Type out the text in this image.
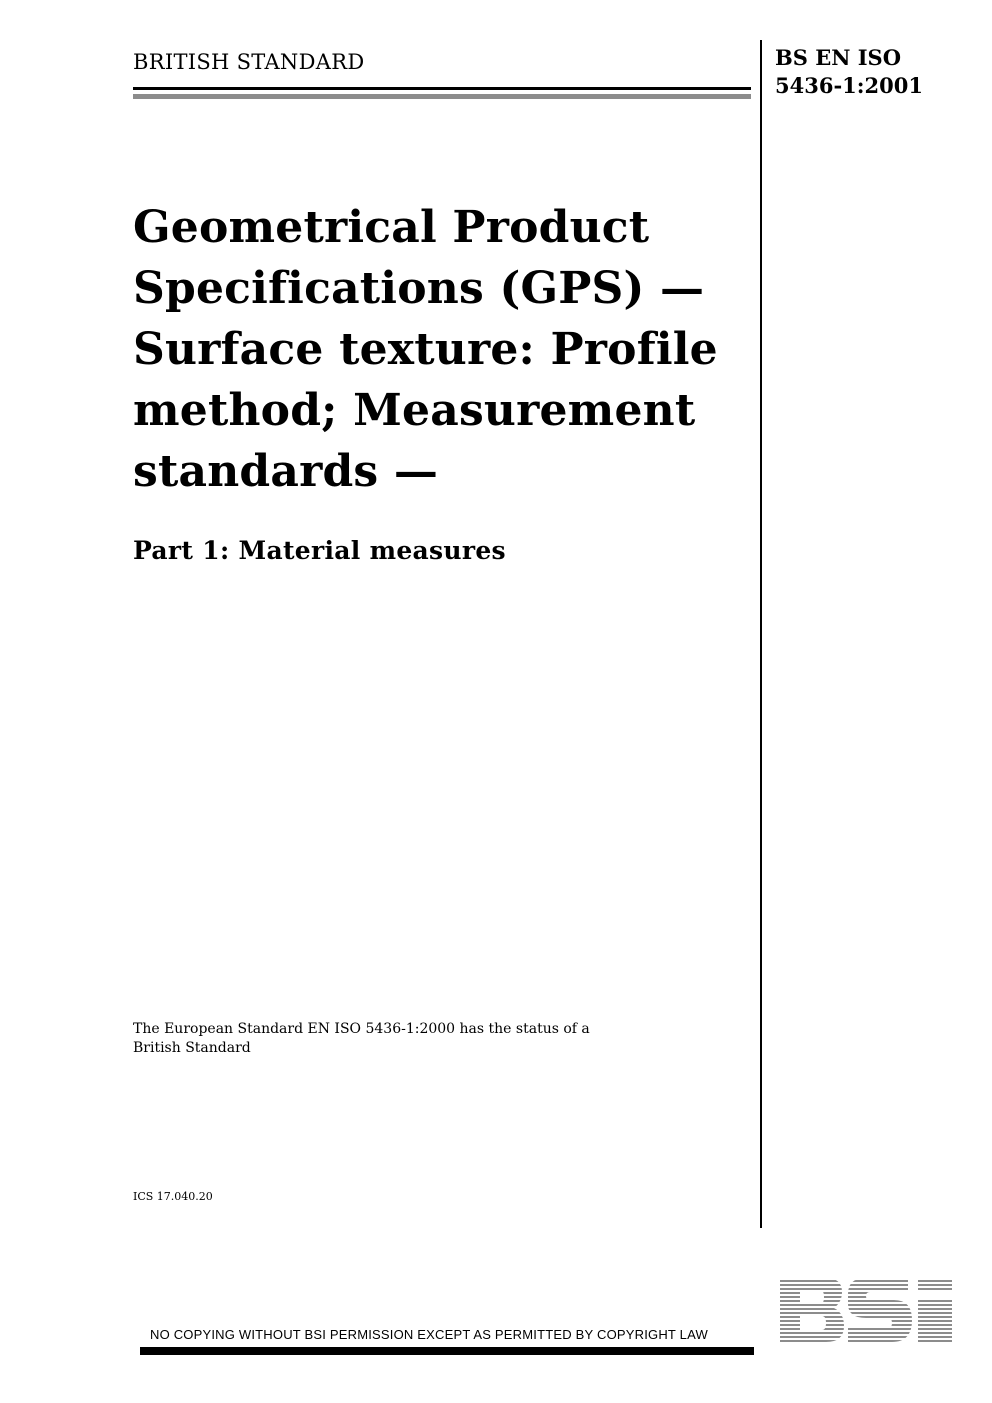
BRITISH STANDARD	BS EN ISO
5436-1:2001
Geometrical Product
Specifications (GPS) —
Surface texture: Profile
method; Measurement
standards —
Part 1: Material measures
The European Standard EN ISO 5436-1:2000 has the status of a
British Standard
ICS 17.040.20
NO COPYING WITHOUT BSI PERMISSION EXCEPT AS PERMITTED BY COPYRIGHT LAW
BSi
